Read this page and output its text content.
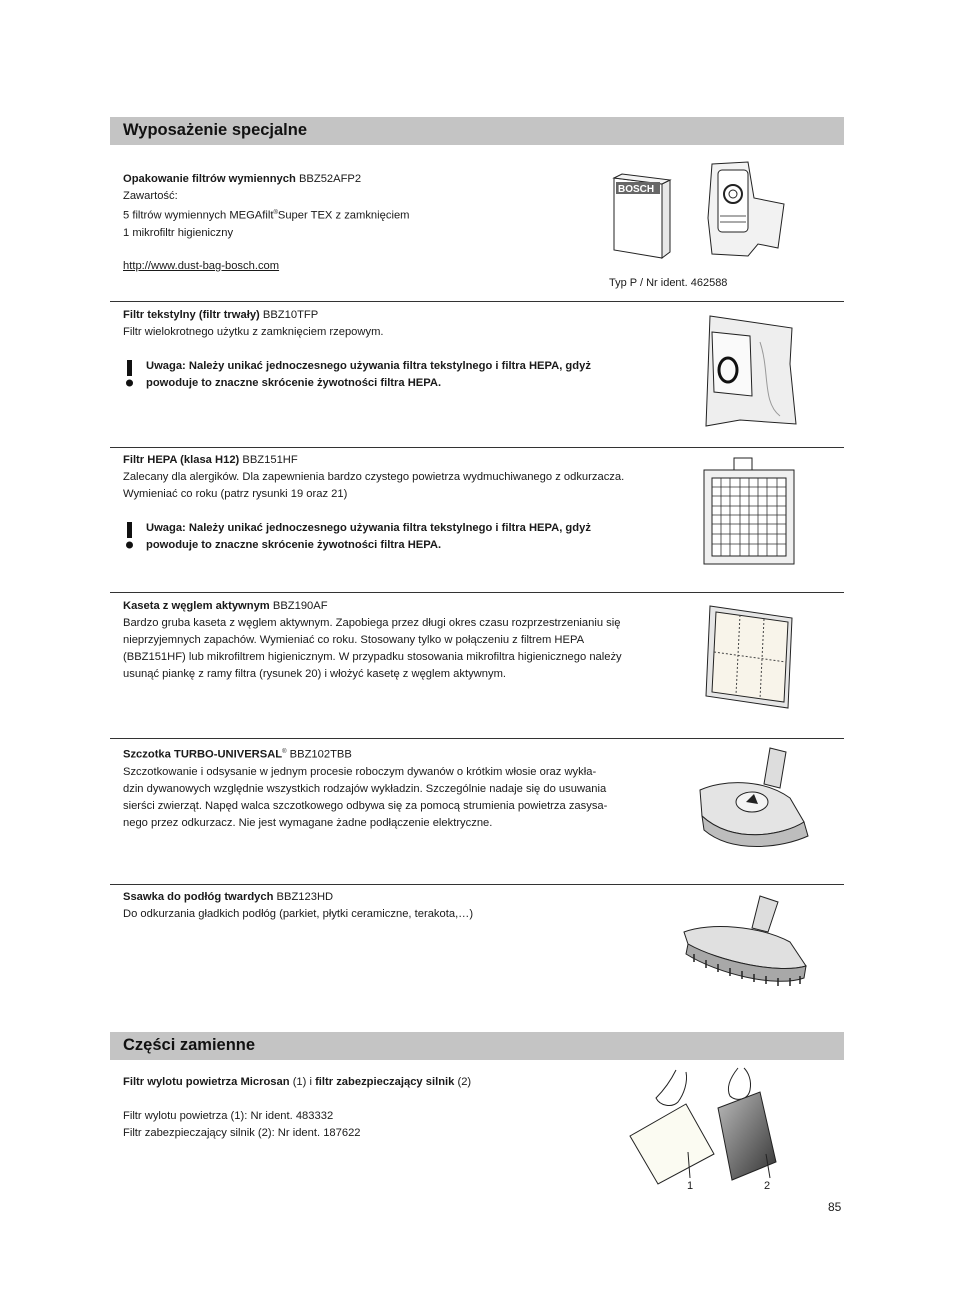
Wyposażenie specjalne

Opakowanie filtrów wymiennych BBZ52AFP2

Zawartość:

5 filtrów wymiennych MEGAfilt®Super TEX z zamknięciem

1 mikrofiltr higieniczny

http://www.dust-bag-bosch.com

BOSCH
Typ P / Nr ident. 462588

Filtr tekstylny (filtr trwały) BBZ10TFP

Filtr wielokrotnego użytku z zamknięciem rzepowym.

Uwaga: Należy unikać jednoczesnego używania filtra tekstylnego i filtra HEPA, gdyż
powoduje to znaczne skrócenie żywotności filtra HEPA.

Filtr HEPA (klasa H12) BBZ151HF

Zalecany dla alergików. Dla zapewnienia bardzo czystego powietrza wydmuchiwanego z odkurzacza.

Wymieniać co roku (patrz rysunki 19 oraz 21)

Uwaga: Należy unikać jednoczesnego używania filtra tekstylnego i filtra HEPA, gdyż
powoduje to znaczne skrócenie żywotności filtra HEPA.

Kaseta z węglem aktywnym BBZ190AF

Bardzo gruba kaseta z węglem aktywnym. Zapobiega przez długi okres czasu rozprzestrzenianiu się

nieprzyjemnych zapachów. Wymieniać co roku. Stosowany tylko w połączeniu z filtrem HEPA

(BBZ151HF) lub mikrofiltrem higienicznym. W przypadku stosowania mikrofiltra higienicznego należy

usunąć piankę z ramy filtra (rysunek 20) i włożyć kasetę z węglem aktywnym.

Szczotka TURBO-UNIVERSAL® BBZ102TBB

Szczotkowanie i odsysanie w jednym procesie roboczym dywanów o krótkim włosie oraz wykła-

dzin dywanowych względnie wszystkich rodzajów wykładzin. Szczególnie nadaje się do usuwania

sierści zwierząt. Napęd walca szczotkowego odbywa się za pomocą strumienia powietrza zasysa-

nego przez odkurzacz. Nie jest wymagane żadne podłączenie elektryczne.

Ssawka do podłóg twardych BBZ123HD

Do odkurzania gładkich podłóg (parkiet, płytki ceramiczne, terakota,…)

Części zamienne

Filtr wylotu powietrza Microsan (1) i filtr zabezpieczający silnik (2)

Filtr wylotu powietrza (1): Nr ident. 483332

Filtr zabezpieczający silnik (2): Nr ident. 187622

1	2
85
